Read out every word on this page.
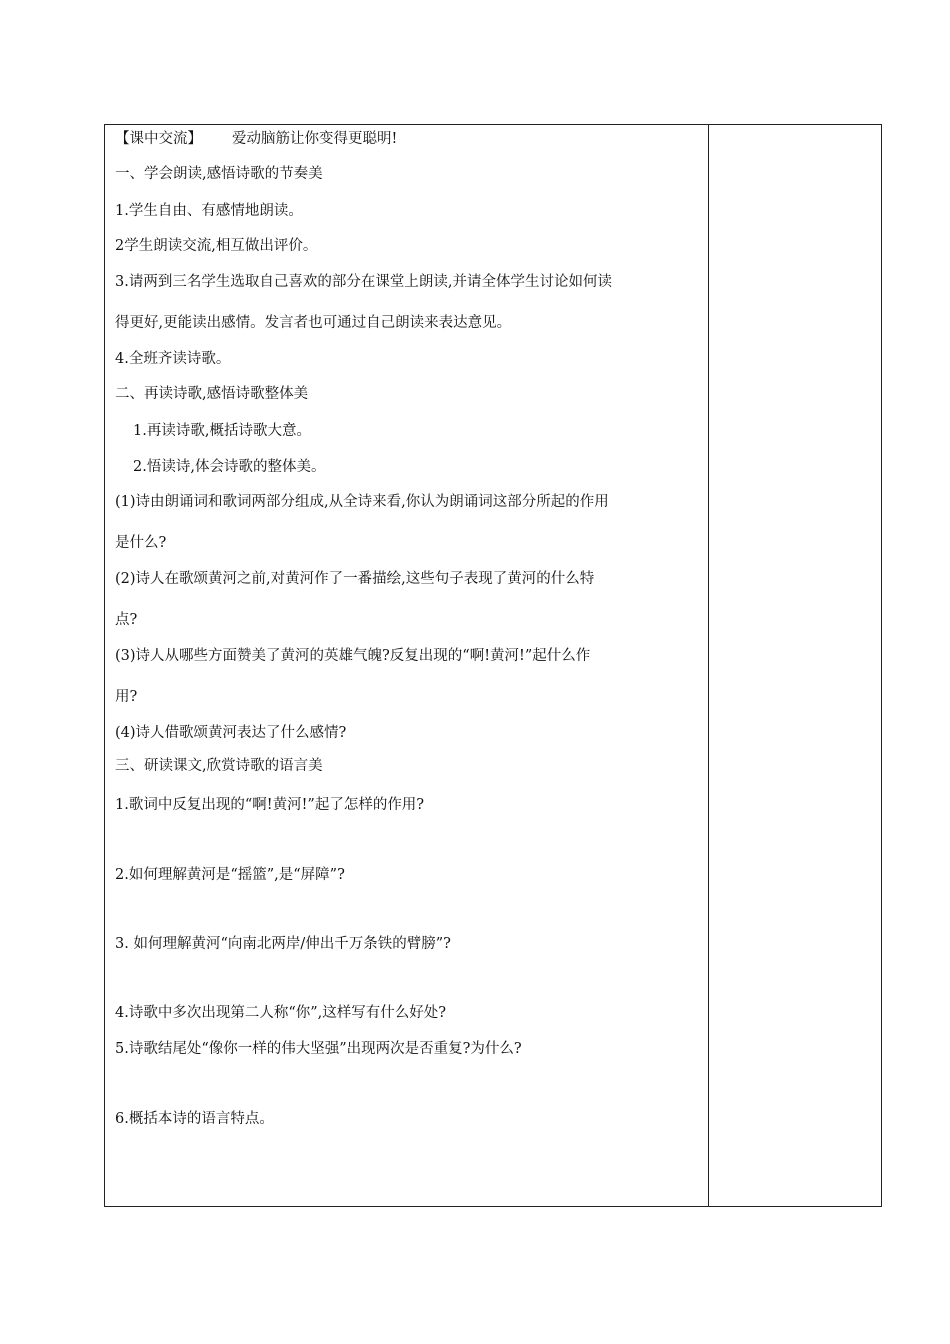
【课中交流】 爱动脑筋让你变得更聪明!
一、学会朗读,感悟诗歌的节奏美
1.学生自由、有感情地朗读。
2学生朗读交流,相互做出评价。
3.请两到三名学生选取自己喜欢的部分在课堂上朗读,并请全体学生讨论如何读
得更好,更能读出感情。发言者也可通过自己朗读来表达意见。
4.全班齐读诗歌。
二、再读诗歌,感悟诗歌整体美
1.再读诗歌,概括诗歌大意。
2.悟读诗,体会诗歌的整体美。
(1)诗由朗诵词和歌词两部分组成,从全诗来看,你认为朗诵词这部分所起的作用
是什么?
(2)诗人在歌颂黄河之前,对黄河作了一番描绘,这些句子表现了黄河的什么特
点?
(3)诗人从哪些方面赞美了黄河的英雄气魄?反复出现的“啊!黄河!”起什么作
用?
(4)诗人借歌颂黄河表达了什么感情?
三、研读课文,欣赏诗歌的语言美
1.歌词中反复出现的“啊!黄河!”起了怎样的作用?
2.如何理解黄河是“摇篮”,是“屏障”?
3. 如何理解黄河“向南北两岸/伸出千万条铁的臂膀”?
4.诗歌中多次出现第二人称“你”,这样写有什么好处?
5.诗歌结尾处“像你一样的伟大坚强”出现两次是否重复?为什么?
6.概括本诗的语言特点。
